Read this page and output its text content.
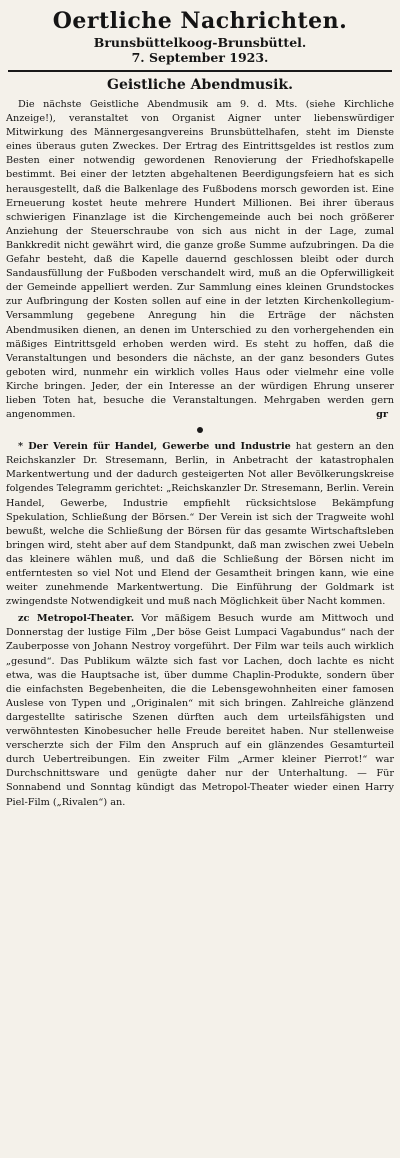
Oertliche Nachrichten.
Brunsbüttelkoog-Brunsbüttel.
7. September 1923.
Geistliche Abendmusik.

Die nächste Geistliche Abendmusik am 9. d. Mts. (siehe Kirchliche Anzeige!), veranstaltet von Organist Aigner unter liebenswürdiger Mitwirkung des Männergesangvereins Brunsbüttelhafen, steht im Dienste eines überaus guten Zweckes. Der Ertrag des Eintrittsgeldes ist restlos zum Besten einer notwendig gewordenen Renovierung der Friedhofskapelle bestimmt. Bei einer der letzten abgehaltenen Beerdigungsfeiern hat es sich herausgestellt, daß die Balkenlage des Fußbodens morsch geworden ist. Eine Erneuerung kostet heute mehrere Hundert Millionen. Bei ihrer überaus schwierigen Finanzlage ist die Kirchengemeinde auch bei noch größerer Anziehung der Steuerschraube von sich aus nicht in der Lage, zumal Bankkredit nicht gewährt wird, die ganze große Summe aufzubringen. Da die Gefahr besteht, daß die Kapelle dauernd geschlossen bleibt oder durch Sandausfüllung der Fußboden verschandelt wird, muß an die Opferwilligkeit der Gemeinde appelliert werden. Zur Sammlung eines kleinen Grundstockes zur Aufbringung der Kosten sollen auf eine in der letzten Kirchenkollegium-Versammlung gegebene Anregung hin die Erträge der nächsten Abendmusiken dienen, an denen im Unterschied zu den vorhergehenden ein mäßiges Eintrittsgeld erhoben werden wird. Es steht zu hoffen, daß die Veranstaltungen und besonders die nächste, an der ganz besonders Gutes geboten wird, nunmehr ein wirklich volles Haus oder vielmehr eine volle Kirche bringen. Jeder, der ein Interesse an der würdigen Ehrung unserer lieben Toten hat, besuche die Veranstaltungen. Mehrgaben werden gern angenommen.	gr

* Der Verein für Handel, Gewerbe und Industrie hat gestern an den Reichskanzler Dr. Stresemann, Berlin, in Anbetracht der katastrophalen Markentwertung und der dadurch gesteigerten Not aller Bevölkerungskreise folgendes Telegramm gerichtet: „Reichskanzler Dr. Stresemann, Berlin. Verein Handel, Gewerbe, Industrie empfiehlt rücksichtslose Bekämpfung Spekulation, Schließung der Börsen.“ Der Verein ist sich der Tragweite wohl bewußt, welche die Schließung der Börsen für das gesamte Wirtschaftsleben bringen wird, steht aber auf dem Standpunkt, daß man zwischen zwei Uebeln das kleinere wählen muß, und daß die Schließung der Börsen nicht im entferntesten so viel Not und Elend der Gesamtheit bringen kann, wie eine weiter zunehmende Markentwertung. Die Einführung der Goldmark ist zwingendste Notwendigkeit und muß nach Möglichkeit über Nacht kommen.

zc Metropol-Theater. Vor mäßigem Besuch wurde am Mittwoch und Donnerstag der lustige Film „Der böse Geist Lumpaci Vagabundus“ nach der Zauberposse von Johann Nestroy vorgeführt. Der Film war teils auch wirklich „gesund“. Das Publikum wälzte sich fast vor Lachen, doch lachte es nicht etwa, was die Hauptsache ist, über dumme Chaplin-Produkte, sondern über die einfachsten Begebenheiten, die die Lebensgewohnheiten einer famosen Auslese von Typen und „Originalen“ mit sich bringen. Zahlreiche glänzend dargestellte satirische Szenen dürften auch dem urteilsfähigsten und verwöhntesten Kinobesucher helle Freude bereitet haben. Nur stellenweise verscherzte sich der Film den Anspruch auf ein glänzendes Gesamturteil durch Uebertreibungen. Ein zweiter Film „Armer kleiner Pierrot!“ war Durchschnittsware und genügte daher nur der Unterhaltung. — Für Sonnabend und Sonntag kündigt das Metropol-Theater wieder einen Harry Piel-Film („Rivalen“) an.
